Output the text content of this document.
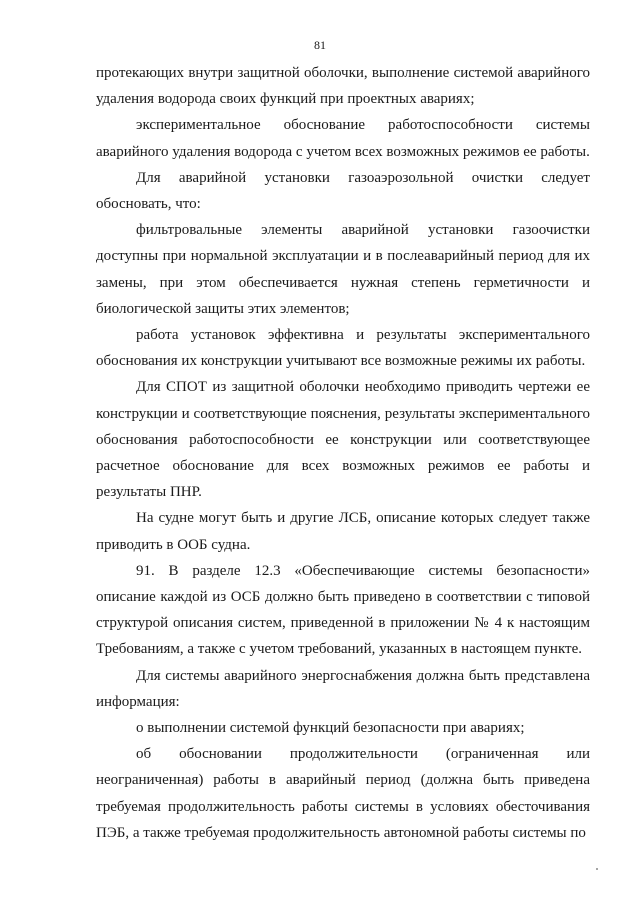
81

протекающих внутри защитной оболочки, выполнение системой аварийного удаления водорода своих функций при проектных авариях;

экспериментальное обоснование работоспособности системы аварийного удаления водорода с учетом всех возможных режимов ее работы.

Для аварийной установки газоаэрозольной очистки следует обосновать, что:

фильтровальные элементы аварийной установки газоочистки доступны при нормальной эксплуатации и в послеаварийный период для их замены, при этом обеспечивается нужная степень герметичности и биологической защиты этих элементов;

работа установок эффективна и результаты экспериментального обоснования их конструкции учитывают все возможные режимы их работы.

Для СПОТ из защитной оболочки необходимо приводить чертежи ее конструкции и соответствующие пояснения, результаты экспериментального обоснования работоспособности ее конструкции или соответствующее расчетное обоснование для всех возможных режимов ее работы и результаты ПНР.

На судне могут быть и другие ЛСБ, описание которых следует также приводить в ООБ судна.

91. В разделе 12.3 «Обеспечивающие системы безопасности» описание каждой из ОСБ должно быть приведено в соответствии с типовой структурой описания систем, приведенной в приложении № 4 к настоящим Требованиям, а также с учетом требований, указанных в настоящем пункте.

Для системы аварийного энергоснабжения должна быть представлена информация:

о выполнении системой функций безопасности при авариях;

об обосновании продолжительности (ограниченная или неограниченная) работы в аварийный период (должна быть приведена требуемая продолжительность работы системы в условиях обесточивания ПЭБ, а также требуемая продолжительность автономной работы системы по
